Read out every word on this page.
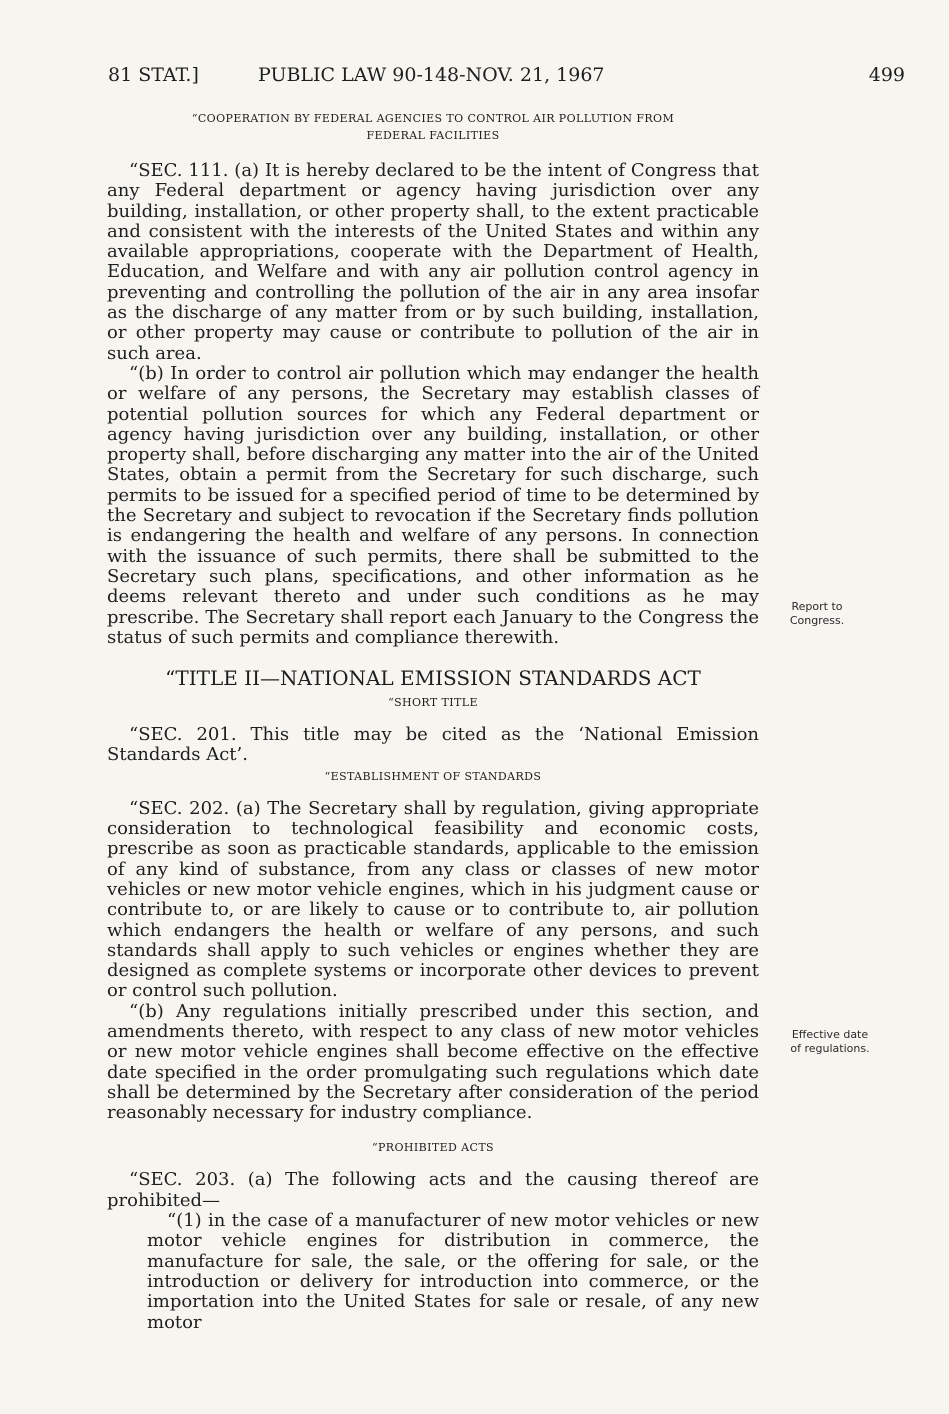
81 STAT.]	PUBLIC LAW 90-148-NOV. 21, 1967	499

“COOPERATION BY FEDERAL AGENCIES TO CONTROL AIR POLLUTION FROM

FEDERAL FACILITIES

“SEC. 111. (a) It is hereby declared to be the intent of Congress that any Federal department or agency having jurisdiction over any building, installation, or other property shall, to the extent practicable and consistent with the interests of the United States and within any available appropriations, cooperate with the Department of Health, Education, and Welfare and with any air pollution control agency in preventing and controlling the pollution of the air in any area insofar as the discharge of any matter from or by such building, installation, or other property may cause or contribute to pollution of the air in such area.

“(b) In order to control air pollution which may endanger the health or welfare of any persons, the Secretary may establish classes of potential pollution sources for which any Federal department or agency having jurisdiction over any building, installation, or other property shall, before discharging any matter into the air of the United States, obtain a permit from the Secretary for such discharge, such permits to be issued for a specified period of time to be determined by the Secretary and subject to revocation if the Secretary finds pollution is endangering the health and welfare of any persons. In connection with the issuance of such permits, there shall be submitted to the Secretary such plans, specifications, and other information as he deems relevant thereto and under such conditions as he may prescribe. The Secretary shall report each January to the Congress the status of such permits and compliance therewith.

“TITLE II—NATIONAL EMISSION STANDARDS ACT

“SHORT TITLE

“SEC. 201. This title may be cited as the ‘National Emission Standards Act’.

“ESTABLISHMENT OF STANDARDS

“SEC. 202. (a) The Secretary shall by regulation, giving appropriate consideration to technological feasibility and economic costs, prescribe as soon as practicable standards, applicable to the emission of any kind of substance, from any class or classes of new motor vehicles or new motor vehicle engines, which in his judgment cause or contribute to, or are likely to cause or to contribute to, air pollution which endangers the health or welfare of any persons, and such standards shall apply to such vehicles or engines whether they are designed as complete systems or incorporate other devices to prevent or control such pollution.

“(b) Any regulations initially prescribed under this section, and amendments thereto, with respect to any class of new motor vehicles or new motor vehicle engines shall become effective on the effective date specified in the order promulgating such regulations which date shall be determined by the Secretary after consideration of the period reasonably necessary for industry compliance.

“PROHIBITED ACTS

“SEC. 203. (a) The following acts and the causing thereof are prohibited—

“(1) in the case of a manufacturer of new motor vehicles or new motor vehicle engines for distribution in commerce, the manufacture for sale, the sale, or the offering for sale, or the introduction or delivery for introduction into commerce, or the importation into the United States for sale or resale, of any new motor

Report to
Congress.
Effective date
of regulations.
